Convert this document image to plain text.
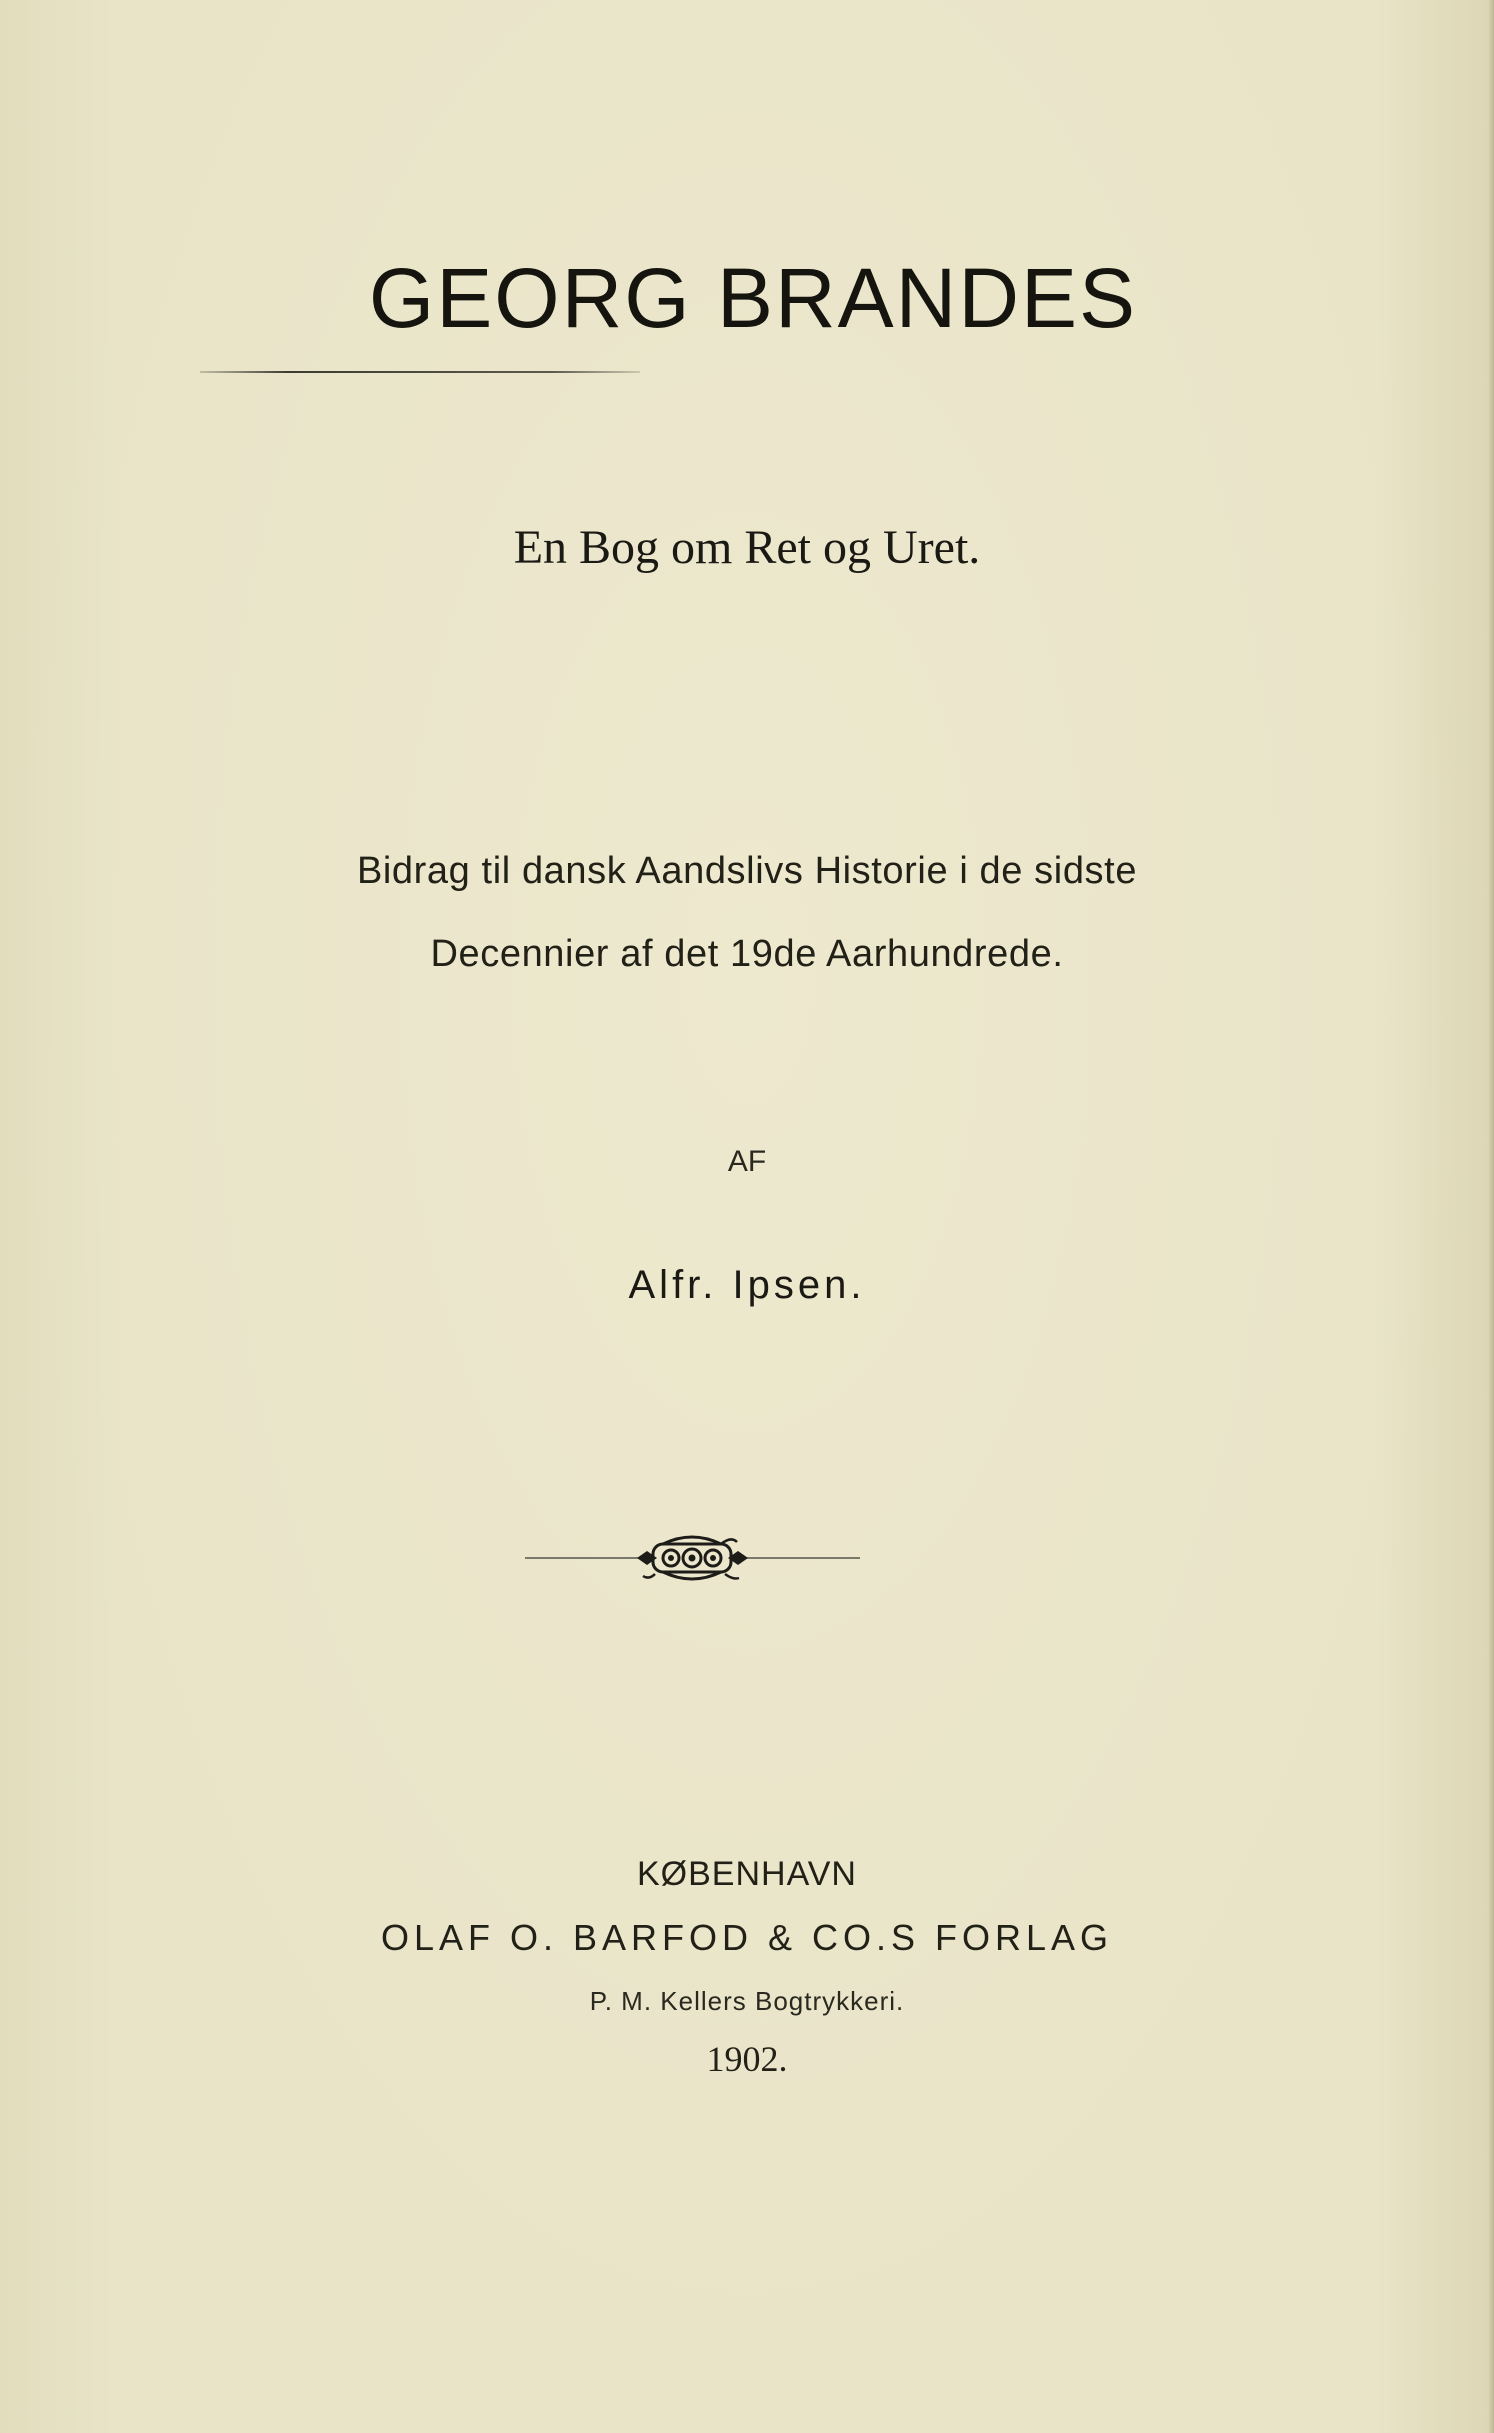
GEORG BRANDES
En Bog om Ret og Uret.
Bidrag til dansk Aandslivs Historie i de sidste
Decennier af det 19de Aarhundrede.
AF
Alfr. Ipsen.
KØBENHAVN
OLAF O. BARFOD & CO.S FORLAG
P. M. Kellers Bogtrykkeri.
1902.
